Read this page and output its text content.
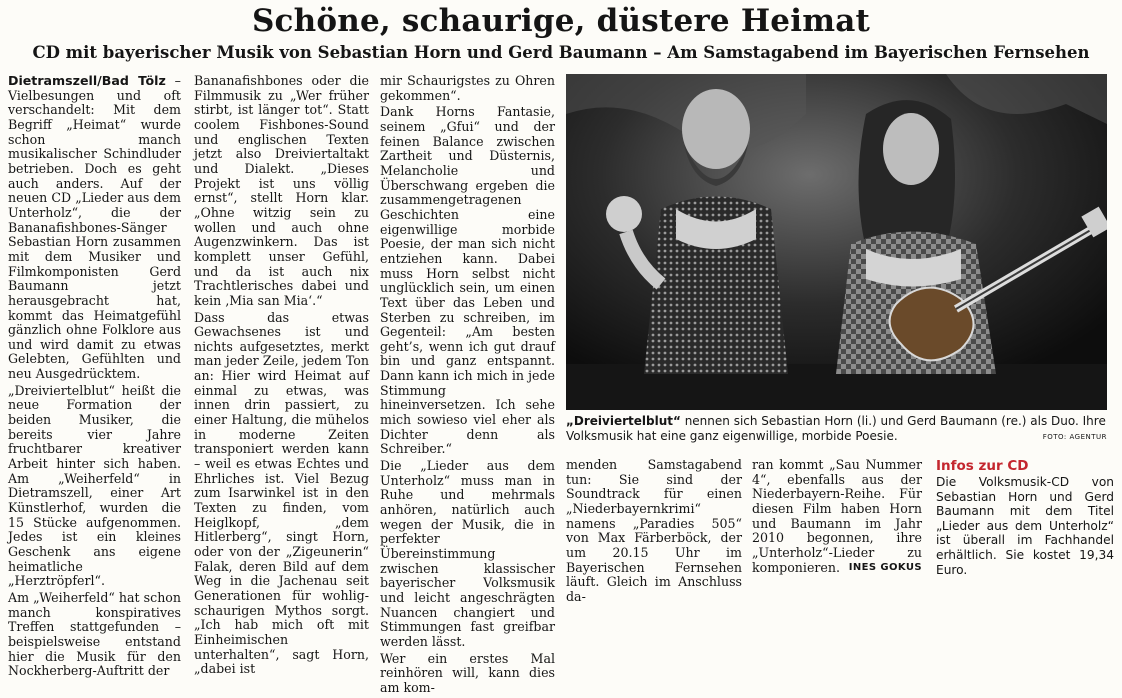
Schöne, schaurige, düstere Heimat
CD mit bayerischer Musik von Sebastian Horn und Gerd Baumann – Am Samstagabend im Bayerischen Fernsehen

Dietramszell/Bad Tölz – Vielbesungen und oft verschandelt: Mit dem Begriff „Heimat“ wurde schon manch musikalischer Schindluder betrieben. Doch es geht auch anders. Auf der neuen CD „Lieder aus dem Unterholz“, die der Bananafishbones-Sänger Sebastian Horn zusammen mit dem Musiker und Filmkomponisten Gerd Baumann jetzt herausgebracht hat, kommt das Heimatgefühl gänzlich ohne Folklore aus und wird damit zu etwas Gelebten, Gefühlten und neu Ausgedrücktem.

„Dreiviertelblut“ heißt die neue Formation der beiden Musiker, die bereits vier Jahre fruchtbarer kreativer Arbeit hinter sich haben. Am „Weiherfeld“ in Dietramszell, einer Art Künstlerhof, wurden die 15 Stücke aufgenommen. Jedes ist ein kleines Geschenk ans eigene heimatliche „Herztröpferl“.

Am „Weiherfeld“ hat schon manch konspiratives Treffen stattgefunden – beispielsweise entstand hier die Musik für den Nockherberg-Auftritt der

Bananafishbones oder die Filmmusik zu „Wer früher stirbt, ist länger tot“. Statt coolem Fishbones-Sound und englischen Texten jetzt also Dreiviertaltakt und Dialekt. „Dieses Projekt ist uns völlig ernst“, stellt Horn klar. „Ohne witzig sein zu wollen und auch ohne Augenzwinkern. Das ist komplett unser Gefühl, und da ist auch nix Trachtlerisches dabei und kein ‚Mia san Mia‘.“

Dass das etwas Gewachsenes ist und nichts aufgesetztes, merkt man jeder Zeile, jedem Ton an: Hier wird Heimat auf einmal zu etwas, was innen drin passiert, zu einer Haltung, die mühelos in moderne Zeiten transponiert werden kann – weil es etwas Echtes und Ehrliches ist. Viel Bezug zum Isarwinkel ist in den Texten zu finden, vom Heiglkopf, „dem Hitlerberg“, singt Horn, oder von der „Zigeunerin“ Falak, deren Bild auf dem Weg in die Jachenau seit Generationen für wohlig-schaurigen Mythos sorgt. „Ich hab mich oft mit Einheimischen unterhalten“, sagt Horn, „dabei ist

mir Schaurigstes zu Ohren gekommen“.

Dank Horns Fantasie, seinem „Gfui“ und der feinen Balance zwischen Zartheit und Düsternis, Melancholie und Überschwang ergeben die zusammengetragenen Geschichten eine eigenwillige morbide Poesie, der man sich nicht entziehen kann. Dabei muss Horn selbst nicht unglücklich sein, um einen Text über das Leben und Sterben zu schreiben, im Gegenteil: „Am besten geht’s, wenn ich gut drauf bin und ganz entspannt. Dann kann ich mich in jede Stimmung hineinversetzen. Ich sehe mich sowieso viel eher als Dichter denn als Schreiber.“

Die „Lieder aus dem Unterholz“ muss man in Ruhe und mehrmals anhören, natürlich auch wegen der Musik, die in perfekter Übereinstimmung zwischen klassischer bayerischer Volksmusik und leicht angeschrägten Nuancen changiert und Stimmungen fast greifbar werden lässt.

Wer ein erstes Mal reinhören will, kann dies am kom-

„Dreiviertelblut“ nennen sich Sebastian Horn (li.) und Gerd Baumann (re.) als Duo. Ihre Volksmusik hat eine ganz eigenwillige, morbide Poesie.	FOTO: AGENTUR

menden Samstagabend tun: Sie sind der Soundtrack für einen „Niederbayernkrimi“ namens „Paradies 505“ von Max Färberböck, der um 20.15 Uhr im Bayerischen Fernsehen läuft. Gleich im Anschluss da-

ran kommt „Sau Nummer 4“, ebenfalls aus der Niederbayern-Reihe. Für diesen Film haben Horn und Baumann im Jahr 2010 begonnen, ihre „Unterholz“-Lieder zu komponieren. INES GOKUS

Infos zur CD

Die Volksmusik-CD von Sebastian Horn und Gerd Baumann mit dem Titel „Lieder aus dem Unterholz“ ist überall im Fachhandel erhältlich. Sie kostet 19,34 Euro.
